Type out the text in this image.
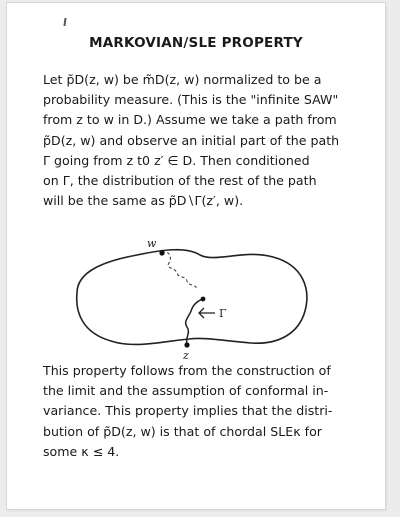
MARKOVIAN/SLE PROPERTY
Let p̃D(z, w) be m̃D(z, w) normalized to be a
probability measure. (This is the "infinite SAW"
from z to w in D.) Assume we take a path from
p̃D(z, w) and observe an initial part of the path
Γ going from z t0 z′ ∈ D. Then conditioned
on Γ, the distribution of the rest of the path
will be the same as p̃D∖Γ(z′, w).
w
z
Γ
This property follows from the construction of
the limit and the assumption of conformal in-
variance. This property implies that the distri-
bution of p̃D(z, w) is that of chordal SLEκ for
some κ ≤ 4.
